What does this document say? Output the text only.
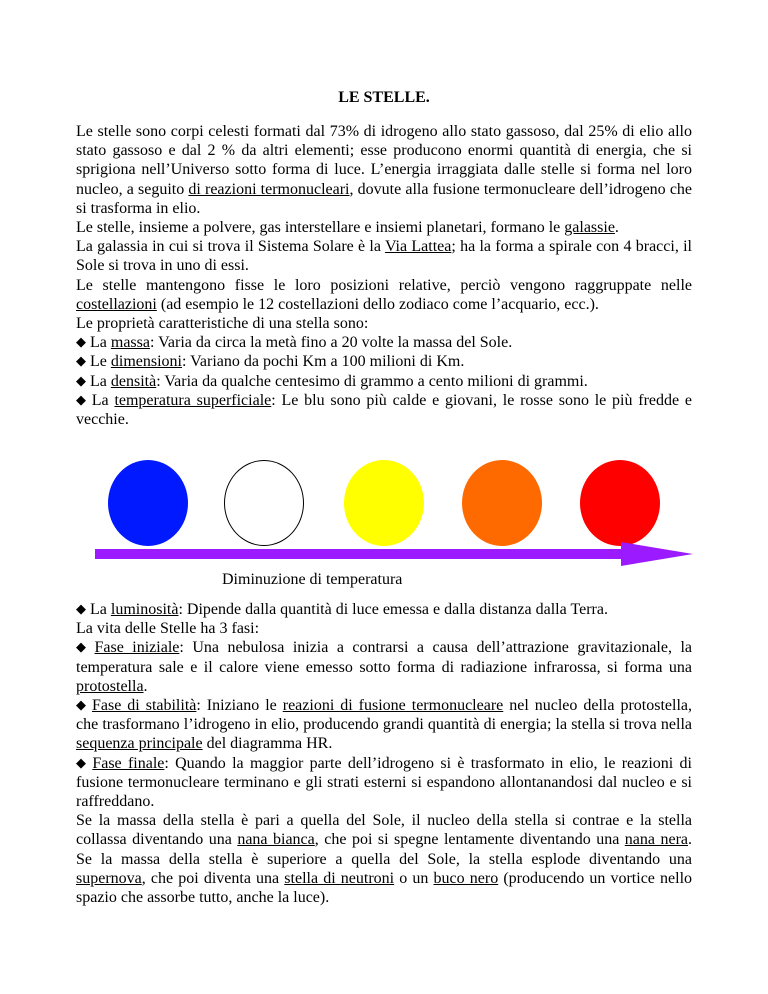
LE STELLE.

Le stelle sono corpi celesti formati dal 73% di idrogeno allo stato gassoso, dal 25% di elio allo stato gassoso e dal 2 % da altri elementi; esse producono enormi quantità di energia, che si sprigiona nell’Universo sotto forma di luce. L’energia irraggiata dalle stelle si forma nel loro nucleo, a seguito di reazioni termonucleari, dovute alla fusione termonucleare dell’idrogeno che si trasforma in elio.

Le stelle, insieme a polvere, gas interstellare e insiemi planetari, formano le galassie.

La galassia in cui si trova il Sistema Solare è la Via Lattea; ha la forma a spirale con 4 bracci, il Sole si trova in uno di essi.

Le stelle mantengono fisse le loro posizioni relative, perciò vengono raggruppate nelle costellazioni (ad esempio le 12 costellazioni dello zodiaco come l’acquario, ecc.).

Le proprietà caratteristiche di una stella sono:

◆ La massa: Varia da circa la metà fino a 20 volte la massa del Sole.

◆ Le dimensioni: Variano da pochi Km a 100 milioni di Km.

◆ La densità: Varia da qualche centesimo di grammo a cento milioni di grammi.

◆ La temperatura superficiale: Le blu sono più calde e giovani, le rosse sono le più fredde e vecchie.

Diminuzione di temperatura

◆ La luminosità: Dipende dalla quantità di luce emessa e dalla distanza dalla Terra.

La vita delle Stelle ha 3 fasi:

◆ Fase iniziale: Una nebulosa inizia a contrarsi a causa dell’attrazione gravitazionale, la temperatura sale e il calore viene emesso sotto forma di radiazione infrarossa, si forma una protostella.

◆ Fase di stabilità: Iniziano le reazioni di fusione termonucleare nel nucleo della protostella, che trasformano l’idrogeno in elio, producendo grandi quantità di energia; la stella si trova nella sequenza principale del diagramma HR.

◆ Fase finale: Quando la maggior parte dell’idrogeno si è trasformato in elio, le reazioni di fusione termonucleare terminano e gli strati esterni si espandono allontanandosi dal nucleo e si raffreddano.

Se la massa della stella è pari a quella del Sole, il nucleo della stella si contrae e la stella collassa diventando una nana bianca, che poi si spegne lentamente diventando una nana nera. Se la massa della stella è superiore a quella del Sole, la stella esplode diventando una supernova, che poi diventa una stella di neutroni o un buco nero (producendo un vortice nello spazio che assorbe tutto, anche la luce).
